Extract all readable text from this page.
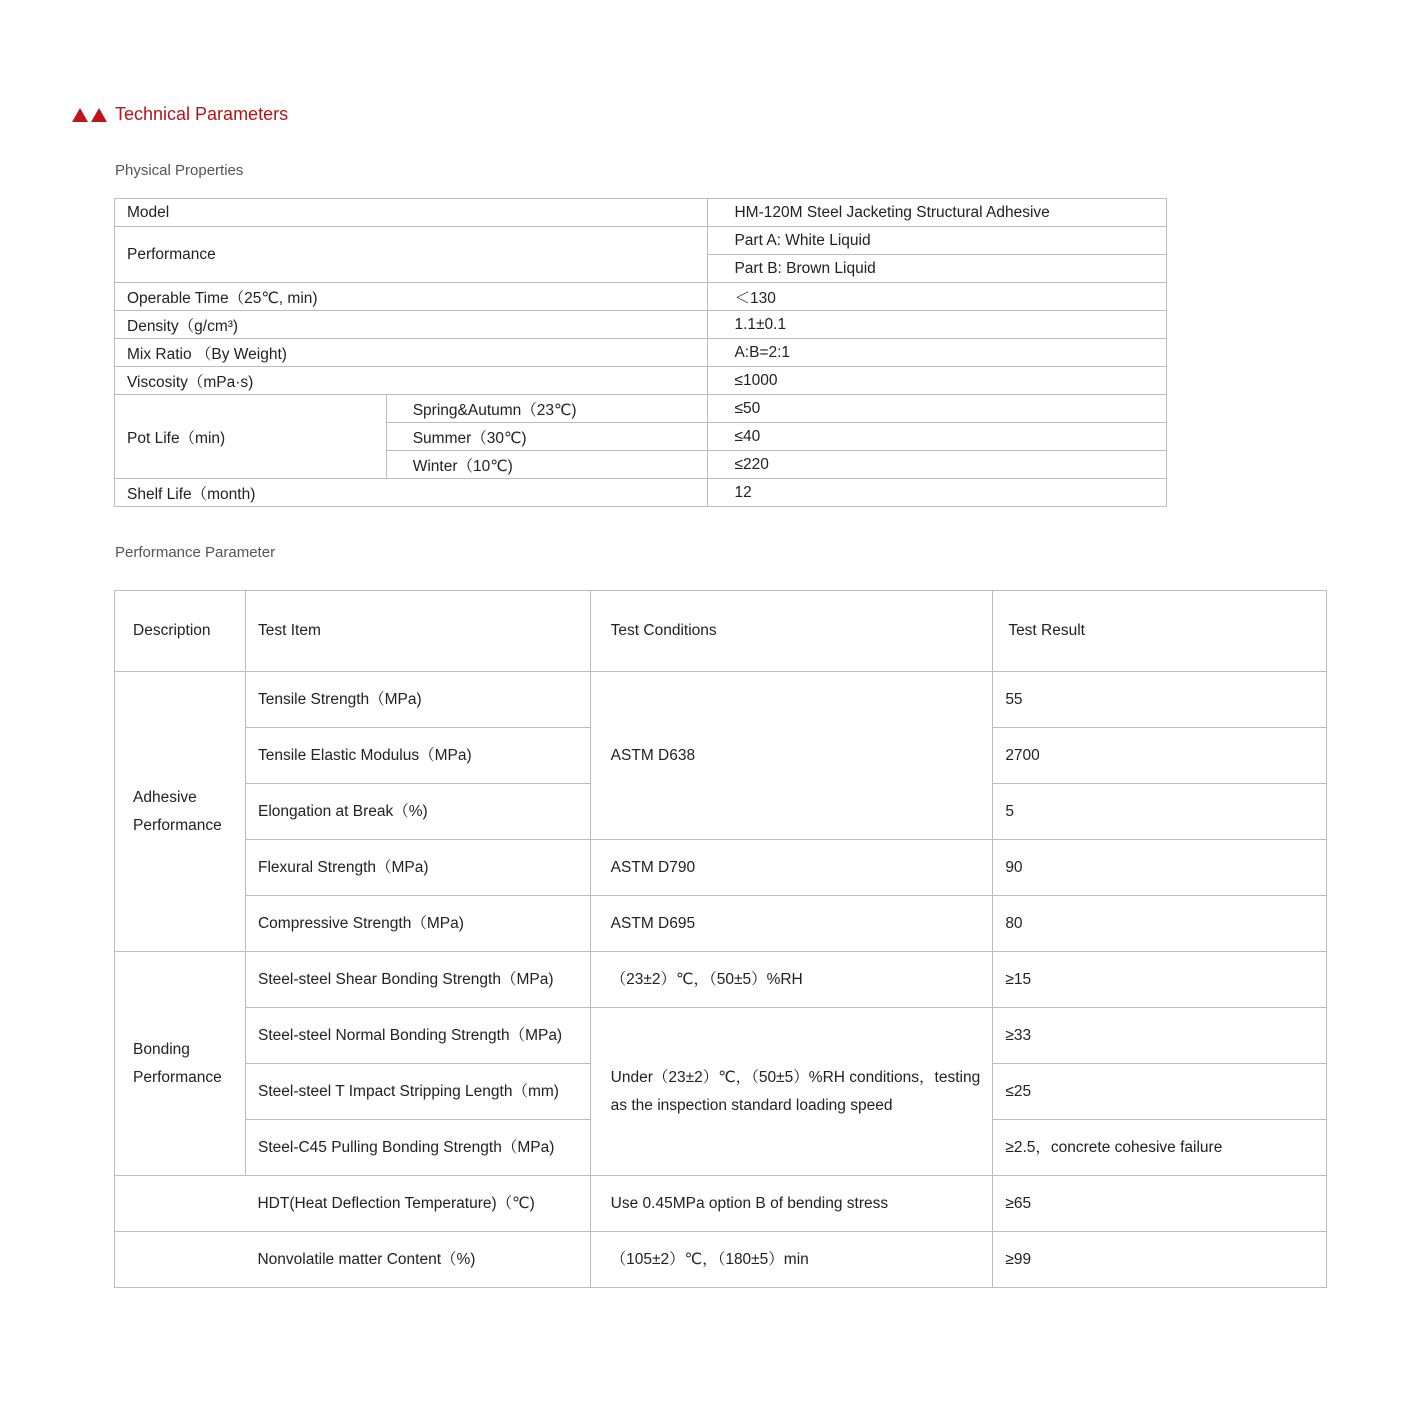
Technical Parameters
Physical Properties
Model		HM-120M Steel Jacketing Structural Adhesive
Performance		Part A: White Liquid
		Part B: Brown Liquid
Operable Time（25℃, min)		＜130
Density（g/cm³)		1.1±0.1
Mix Ratio （By Weight)		A:B=2:1
Viscosity（mPa·s)		≤1000
Pot Life（min)	Spring&Autumn（23℃)	≤50
	Summer（30℃)	≤40
	Winter（10℃)	≤220
Shelf Life（month)		12
Performance Parameter
Description	Test Item	Test Conditions	Test Result
Adhesive Performance	Tensile Strength（MPa)	ASTM D638	55
	Tensile Elastic Modulus（MPa)		2700
	Elongation at Break（%)		5
	Flexural Strength（MPa)	ASTM D790	90
	Compressive Strength（MPa)	ASTM D695	80
Bonding Performance	Steel-steel Shear Bonding Strength（MPa)	（23±2）℃，（50±5）%RH	≥15
	Steel-steel Normal Bonding Strength（MPa)	Under（23±2）℃，（50±5）%RH conditions，testing as the inspection standard loading speed	≥33
	Steel-steel T Impact Stripping Length（mm)		≤25
	Steel-C45 Pulling Bonding Strength（MPa)		≥2.5，concrete cohesive failure
	HDT(Heat Deflection Temperature)（℃)	Use 0.45MPa option B of bending stress	≥65
	Nonvolatile matter Content（%)	（105±2）℃，（180±5）min	≥99
